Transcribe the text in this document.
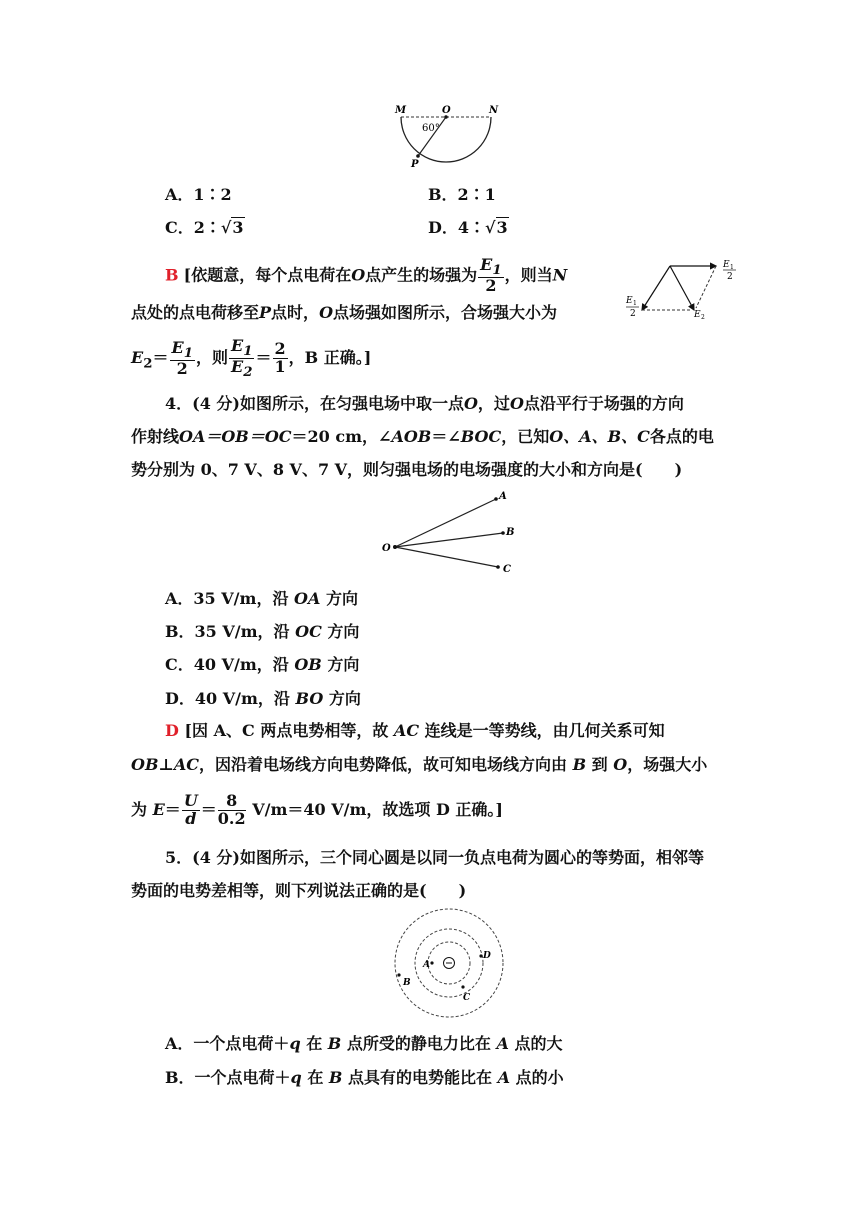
M	O	N
60°
P
A．1∶2	B．2∶1
C．2∶√3	D．4∶√3
B [依题意，每个点电荷在O点产生的场强为 $\frac{E_1}{2}$ ，则当N
E 1
2
E 1
2	E 2
点处的点电荷移至P点时，O点场强如图所示，合场强大小为
$E_2= \frac{E_1}{2}$ ，则 $\frac{E_1}{E_2} = \frac{2}{1}$ ，B 正确。]
4．(4 分)如图所示，在匀强电场中取一点O，过O点沿平行于场强的方向
作射线OA＝OB＝OC＝20 cm，∠AOB＝∠BOC，已知O、A、B、C各点的电
势分别为 0、7 V、8 V、7 V，则匀强电场的电场强度的大小和方向是(　　)
O
A
B
C
A．35 V/m，沿 OA 方向
B．35 V/m，沿 OC 方向
C．40 V/m，沿 OB 方向
D．40 V/m，沿 BO 方向
D [因 A、C 两点电势相等，故 AC 连线是一等势线，由几何关系可知
OB⊥AC，因沿着电场线方向电势降低，故可知电场线方向由 B 到 O，场强大小
为 $E= \frac{U}{d} = \frac{8}{0.2} V/m=40$ V/m，故选项 D 正确。]
5．(4 分)如图所示，三个同心圆是以同一负点电荷为圆心的等势面，相邻等
势面的电势差相等，则下列说法正确的是(　　)
A
D
C
B
A．一个点电荷＋q 在 B 点所受的静电力比在 A 点的大
B．一个点电荷＋q 在 B 点具有的电势能比在 A 点的小
